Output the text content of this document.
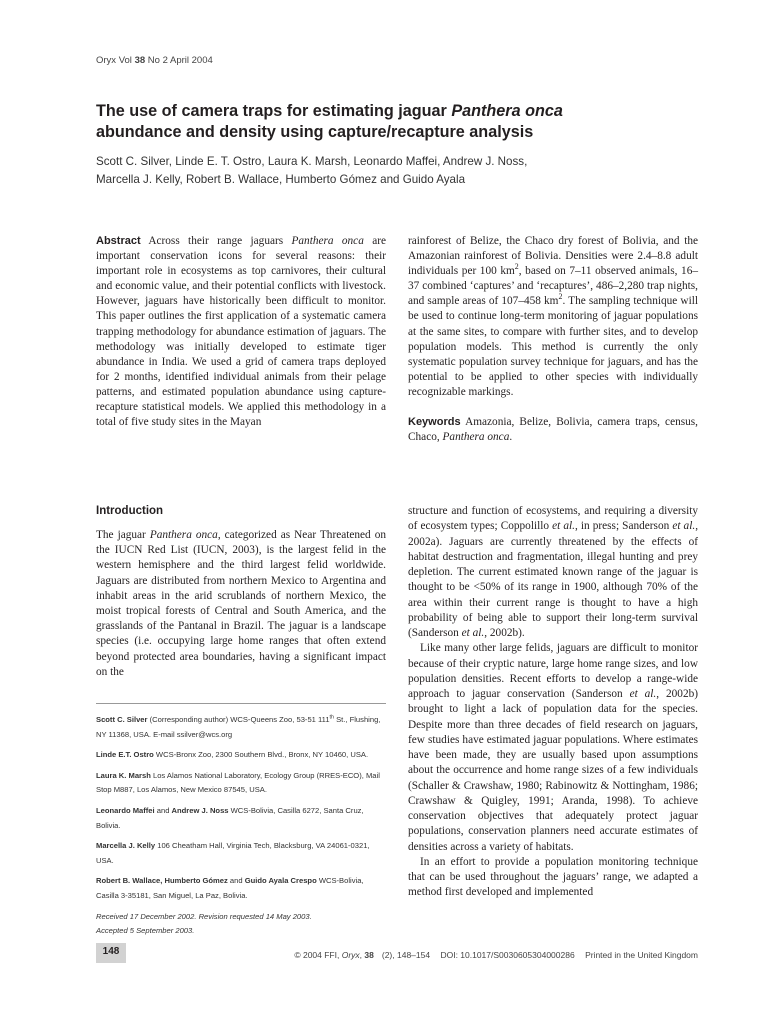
Oryx Vol 38 No 2 April 2004
The use of camera traps for estimating jaguar Panthera onca
abundance and density using capture/recapture analysis
Scott C. Silver, Linde E. T. Ostro, Laura K. Marsh, Leonardo Maffei, Andrew J. Noss,
Marcella J. Kelly, Robert B. Wallace, Humberto Gómez and Guido Ayala
Abstract Across their range jaguars Panthera onca are important conservation icons for several reasons: their important role in ecosystems as top carnivores, their cultural and economic value, and their potential conflicts with livestock. However, jaguars have historically been difficult to monitor. This paper outlines the first application of a systematic camera trapping methodology for abundance estimation of jaguars. The methodology was initially developed to estimate tiger abundance in India. We used a grid of camera traps deployed for 2 months, identified individual animals from their pelage patterns, and estimated population abundance using capture-recapture statistical models. We applied this methodology in a total of five study sites in the Mayan

rainforest of Belize, the Chaco dry forest of Bolivia, and the Amazonian rainforest of Bolivia. Densities were 2.4–8.8 adult individuals per 100 $km^2$, based on 7–11 observed animals, 16–37 combined ‘captures’ and ‘recaptures’, 486–2,280 trap nights, and sample areas of 107–458 $km^2$. The sampling technique will be used to continue long-term monitoring of jaguar populations at the same sites, to compare with further sites, and to develop population models. This method is currently the only systematic population survey technique for jaguars, and has the potential to be applied to other species with individually recognizable markings.

Keywords Amazonia, Belize, Bolivia, camera traps, census, Chaco, Panthera onca.

Introduction
The jaguar Panthera onca, categorized as Near Threatened on the IUCN Red List (IUCN, 2003), is the largest felid in the western hemisphere and the third largest felid worldwide. Jaguars are distributed from northern Mexico to Argentina and inhabit areas in the arid scrublands of northern Mexico, the moist tropical forests of Central and South America, and the grasslands of the Pantanal in Brazil. The jaguar is a landscape species (i.e. occupying large home ranges that often extend beyond protected area boundaries, having a significant impact on the

structure and function of ecosystems, and requiring a diversity of ecosystem types; Coppolillo et al., in press; Sanderson et al., 2002a). Jaguars are currently threatened by the effects of habitat destruction and fragmentation, illegal hunting and prey depletion. The current estimated known range of the jaguar is thought to be <50% of its range in 1900, although 70% of the area within their current range is thought to have a high probability of being able to support their long-term survival (Sanderson et al., 2002b).

Like many other large felids, jaguars are difficult to monitor because of their cryptic nature, large home range sizes, and low population densities. Recent efforts to develop a range-wide approach to jaguar conservation (Sanderson et al., 2002b) brought to light a lack of population data for the species. Despite more than three decades of field research on jaguars, few studies have estimated jaguar populations. Where estimates have been made, they are usually based upon assumptions about the occurrence and home range sizes of a few individuals (Schaller & Crawshaw, 1980; Rabinowitz & Nottingham, 1986; Crawshaw & Quigley, 1991; Aranda, 1998). To achieve conservation objectives that adequately protect jaguar populations, conservation planners need accurate estimates of densities across a variety of habitats.

In an effort to provide a population monitoring technique that can be used throughout the jaguars’ range, we adapted a method first developed and implemented

Scott C. Silver (Corresponding author) WCS-Queens Zoo, 53-51 111th St., Flushing, NY 11368, USA. E-mail ssilver@wcs.org

Linde E.T. Ostro WCS-Bronx Zoo, 2300 Southern Blvd., Bronx, NY 10460, USA.

Laura K. Marsh Los Alamos National Laboratory, Ecology Group (RRES-ECO), Mail Stop M887, Los Alamos, New Mexico 87545, USA.

Leonardo Maffei and Andrew J. Noss WCS-Bolivia, Casilla 6272, Santa Cruz, Bolivia.

Marcella J. Kelly 106 Cheatham Hall, Virginia Tech, Blacksburg, VA 24061-0321, USA.

Robert B. Wallace, Humberto Gómez and Guido Ayala Crespo WCS-Bolivia, Casilla 3-35181, San Miguel, La Paz, Bolivia.

Received 17 December 2002. Revision requested 14 May 2003.
Accepted 5 September 2003.

148	© 2004 FFI, Oryx, 38 (2), 148–154 DOI: 10.1017/S0030605304000286 Printed in the United Kingdom
